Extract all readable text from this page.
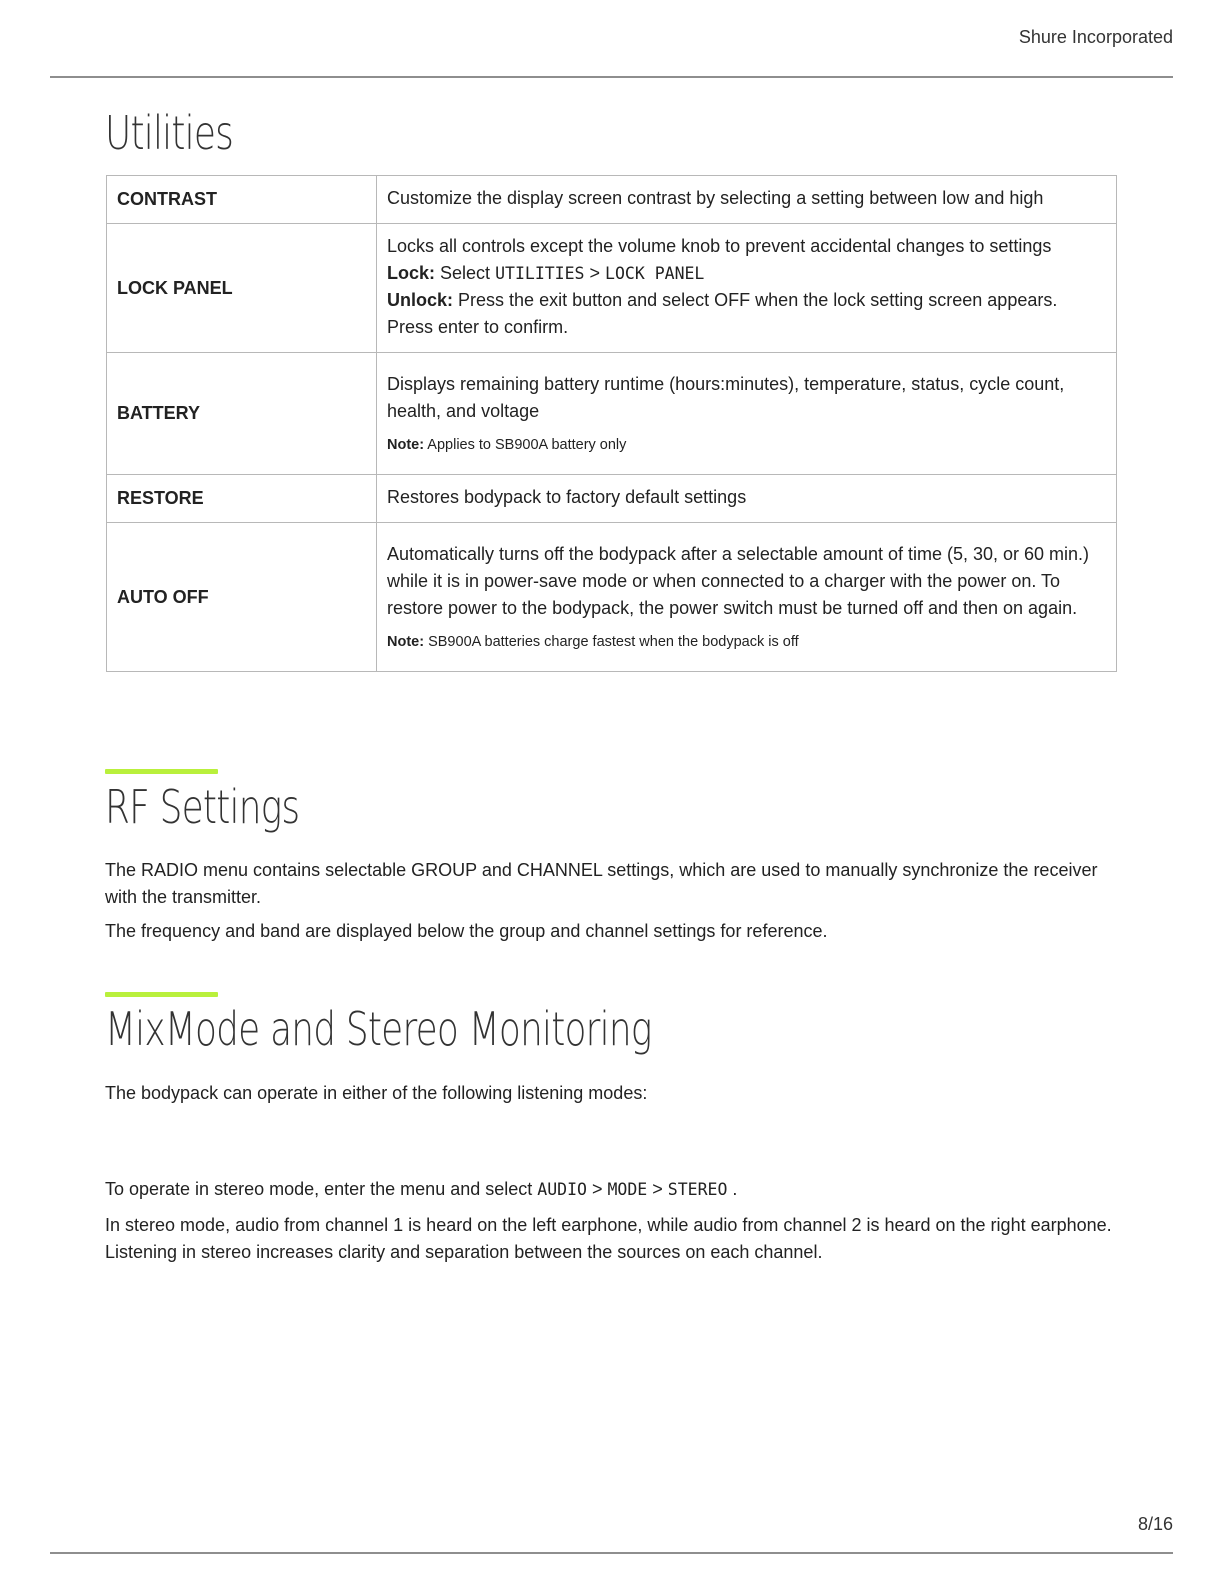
Shure Incorporated
Utilities
CONTRAST	Customize the display screen contrast by selecting a setting between low and high

LOCK PANEL	Locks all controls except the volume knob to prevent accidental changes to settings

Lock: Select UTILITIES > LOCK PANEL

Unlock: Press the exit button and select OFF when the lock setting screen appears. Press enter to confirm.

BATTERY	Displays remaining battery runtime (hours:minutes), temperature, status, cycle count, health, and voltage

Note: Applies to SB900A battery only

RESTORE	Restores bodypack to factory default settings

AUTO OFF	Automatically turns off the bodypack after a selectable amount of time (5, 30, or 60 min.) while it is in power-save mode or when connected to a charger with the power on. To restore power to the bodypack, the power switch must be turned off and then on again.

Note: SB900A batteries charge fastest when the bodypack is off

RF Settings

The RADIO menu contains selectable GROUP and CHANNEL settings, which are used to manually synchronize the receiver with the transmitter.

The frequency and band are displayed below the group and channel settings for reference.

MixMode and Stereo Monitoring

The bodypack can operate in either of the following listening modes:

To operate in stereo mode, enter the menu and select AUDIO > MODE > STEREO .

In stereo mode, audio from channel 1 is heard on the left earphone, while audio from channel 2 is heard on the right earphone. Listening in stereo increases clarity and separation between the sources on each channel.

8/16
